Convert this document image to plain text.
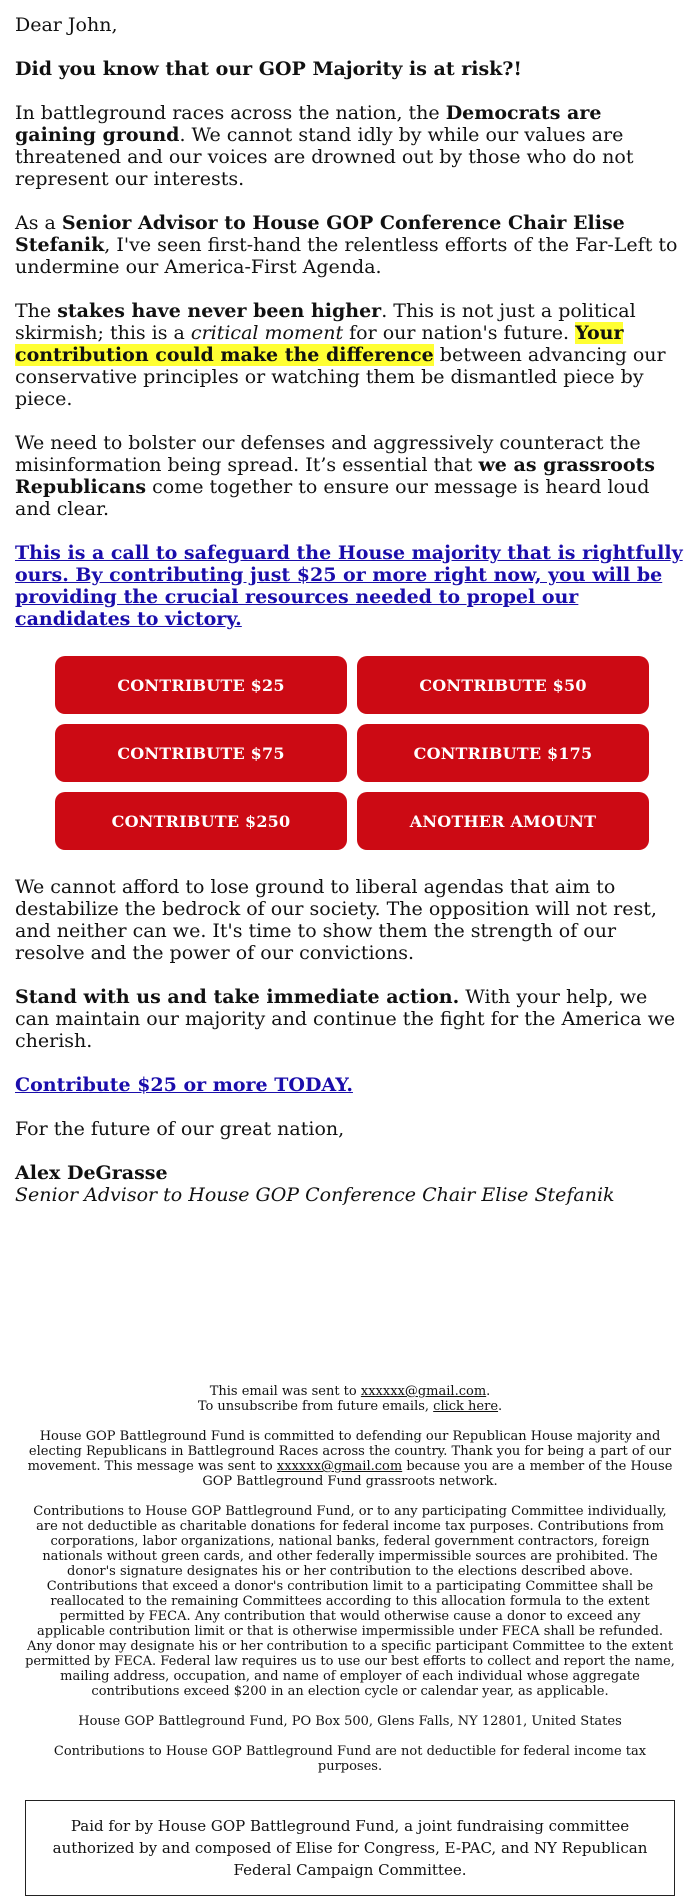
Dear John,

Did you know that our GOP Majority is at risk?!

In battleground races across the nation, the Democrats are gaining ground. We cannot stand idly by while our values are threatened and our voices are drowned out by those who do not represent our interests.

As a Senior Advisor to House GOP Conference Chair Elise Stefanik, I've seen first-hand the relentless efforts of the Far-Left to undermine our America-First Agenda.

The stakes have never been higher. This is not just a political skirmish; this is a critical moment for our nation's future. Your contribution could make the difference between advancing our conservative principles or watching them be dismantled piece by piece.

We need to bolster our defenses and aggressively counteract the misinformation being spread. It’s essential that we as grassroots Republicans come together to ensure our message is heard loud and clear.

This is a call to safeguard the House majority that is rightfully ours. By contributing just $25 or more right now, you will be providing the crucial resources needed to propel our candidates to victory.

CONTRIBUTE $25	CONTRIBUTE $50
CONTRIBUTE $75	CONTRIBUTE $175
CONTRIBUTE $250	ANOTHER AMOUNT

We cannot afford to lose ground to liberal agendas that aim to destabilize the bedrock of our society. The opposition will not rest, and neither can we. It's time to show them the strength of our resolve and the power of our convictions.

Stand with us and take immediate action. With your help, we can maintain our majority and continue the fight for the America we cherish.

Contribute $25 or more TODAY.

For the future of our great nation,

Alex DeGrasse

Senior Advisor to House GOP Conference Chair Elise Stefanik

This email was sent to xxxxxx@gmail.com.

To unsubscribe from future emails, click here.

House GOP Battleground Fund is committed to defending our Republican House majority and electing Republicans in Battleground Races across the country. Thank you for being a part of our movement. This message was sent to xxxxxx@gmail.com because you are a member of the House GOP Battleground Fund grassroots network.

Contributions to House GOP Battleground Fund, or to any participating Committee individually, are not deductible as charitable donations for federal income tax purposes. Contributions from corporations, labor organizations, national banks, federal government contractors, foreign nationals without green cards, and other federally impermissible sources are prohibited. The donor's signature designates his or her contribution to the elections described above. Contributions that exceed a donor's contribution limit to a participating Committee shall be reallocated to the remaining Committees according to this allocation formula to the extent permitted by FECA. Any contribution that would otherwise cause a donor to exceed any applicable contribution limit or that is otherwise impermissible under FECA shall be refunded. Any donor may designate his or her contribution to a specific participant Committee to the extent permitted by FECA. Federal law requires us to use our best efforts to collect and report the name, mailing address, occupation, and name of employer of each individual whose aggregate contributions exceed $200 in an election cycle or calendar year, as applicable.

House GOP Battleground Fund, PO Box 500, Glens Falls, NY 12801, United States

Contributions to House GOP Battleground Fund are not deductible for federal income tax purposes.

Paid for by House GOP Battleground Fund, a joint fundraising committee authorized by and composed of Elise for Congress, E-PAC, and NY Republican Federal Campaign Committee.
